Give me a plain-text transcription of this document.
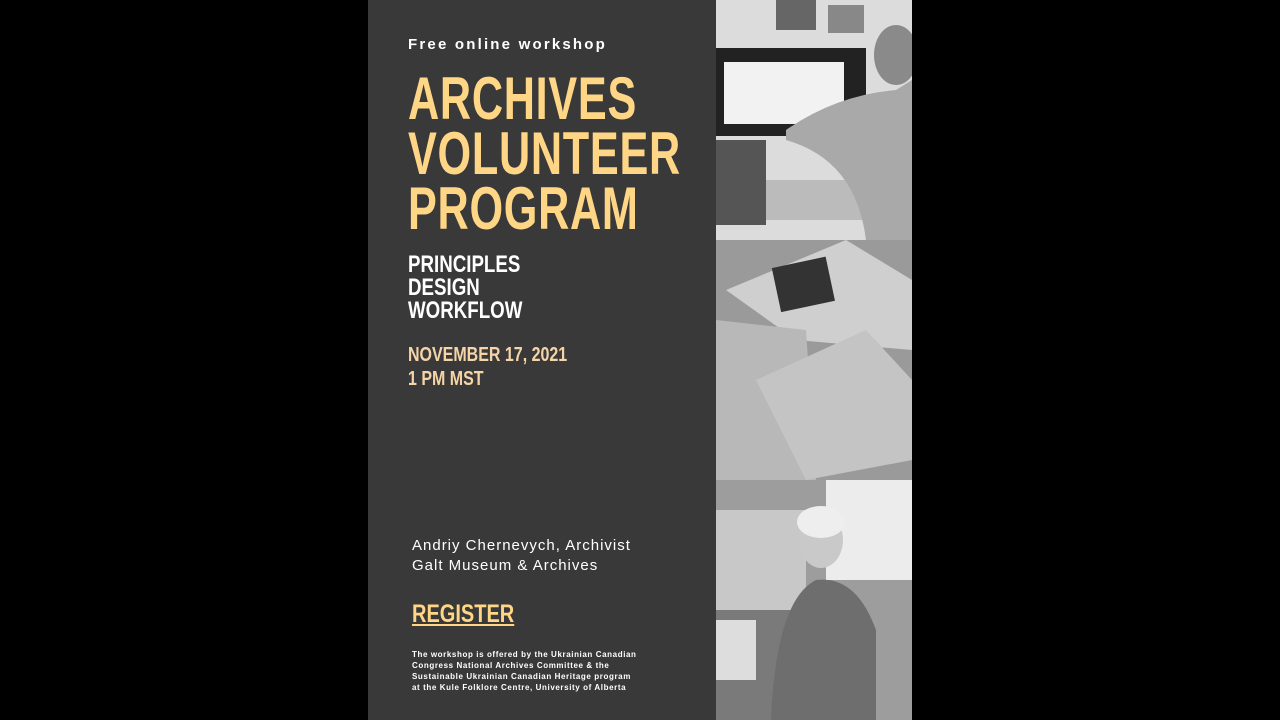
Free online workshop
ARCHIVES
VOLUNTEER
PROGRAM
PRINCIPLES
DESIGN
WORKFLOW
NOVEMBER 17, 2021
1 PM MST
Andriy Chernevych, Archivist
Galt Museum & Archives
REGISTER
The workshop is offered by the Ukrainian Canadian
Congress National Archives Committee & the
Sustainable Ukrainian Canadian Heritage program
at the Kule Folklore Centre, University of Alberta
